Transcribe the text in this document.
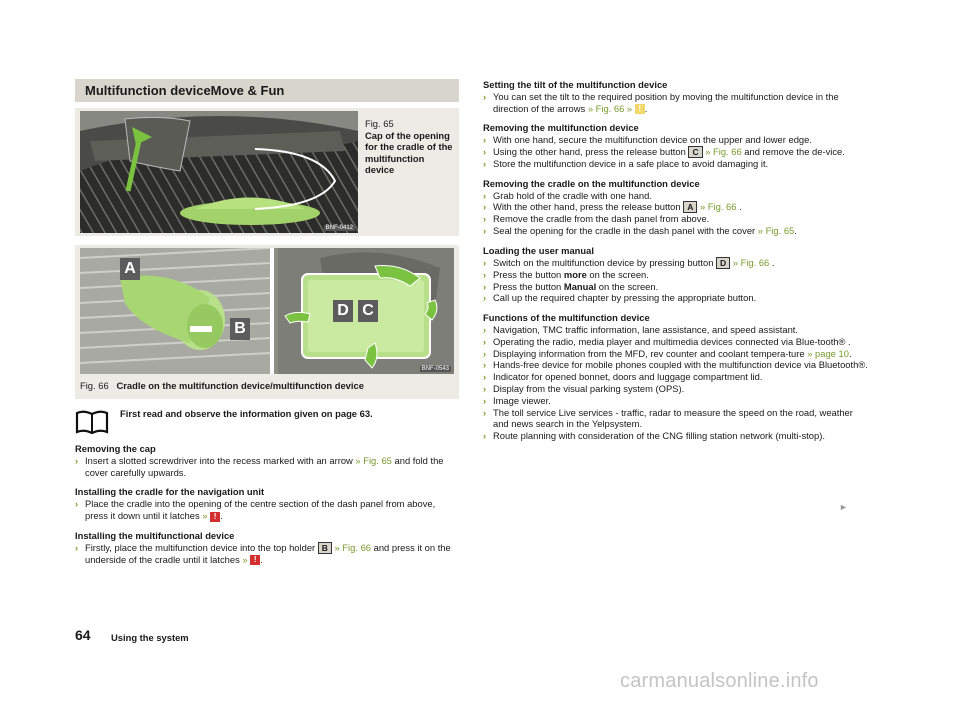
Multifunction deviceMove & Fun
BNF-0412
Fig. 65
Cap of the opening for the cradle of the multifunction device
A
B
D C
BNF-0543
Fig. 66 Cradle on the multifunction device/multifunction device
First read and observe the information given on page 63.
Removing the cap
› Insert a slotted screwdriver into the recess marked with an arrow » Fig. 65 and fold the cover carefully upwards.
Installing the cradle for the navigation unit
› Place the cradle into the opening of the centre section of the dash panel from above, press it down until it latches » ! .
Installing the multifunctional device
› Firstly, place the multifunction device into the top holder B » Fig. 66 and press it on the underside of the cradle until it latches » ! .
Setting the tilt of the multifunction device
› You can set the tilt to the required position by moving the multifunction device in the direction of the arrows » Fig. 66 » ! .
Removing the multifunction device
› With one hand, secure the multifunction device on the upper and lower edge.
› Using the other hand, press the release button C » Fig. 66 and remove the de-vice.
› Store the multifunction device in a safe place to avoid damaging it.
Removing the cradle on the multifunction device
› Grab hold of the cradle with one hand.
› With the other hand, press the release button A » Fig. 66 .
› Remove the cradle from the dash panel from above.
› Seal the opening for the cradle in the dash panel with the cover » Fig. 65.
Loading the user manual
› Switch on the multifunction device by pressing button D » Fig. 66 .
› Press the button more on the screen.
› Press the button Manual on the screen.
› Call up the required chapter by pressing the appropriate button.
Functions of the multifunction device
› Navigation, TMC traffic information, lane assistance, and speed assistant.
› Operating the radio, media player and multimedia devices connected via Blue-tooth® .
› Displaying information from the MFD, rev counter and coolant tempera-ture » page 10.
› Hands-free device for mobile phones coupled with the multifunction device via Bluetooth®.
› Indicator for opened bonnet, doors and luggage compartment lid.
› Display from the visual parking system (OPS).
› Image viewer.
› The toll service Live services - traffic, radar to measure the speed on the road, weather and news search in the Yelpsystem.
› Route planning with consideration of the CNG filling station network (multi-stop).
►
64 Using the system
carmanualsonline.info
